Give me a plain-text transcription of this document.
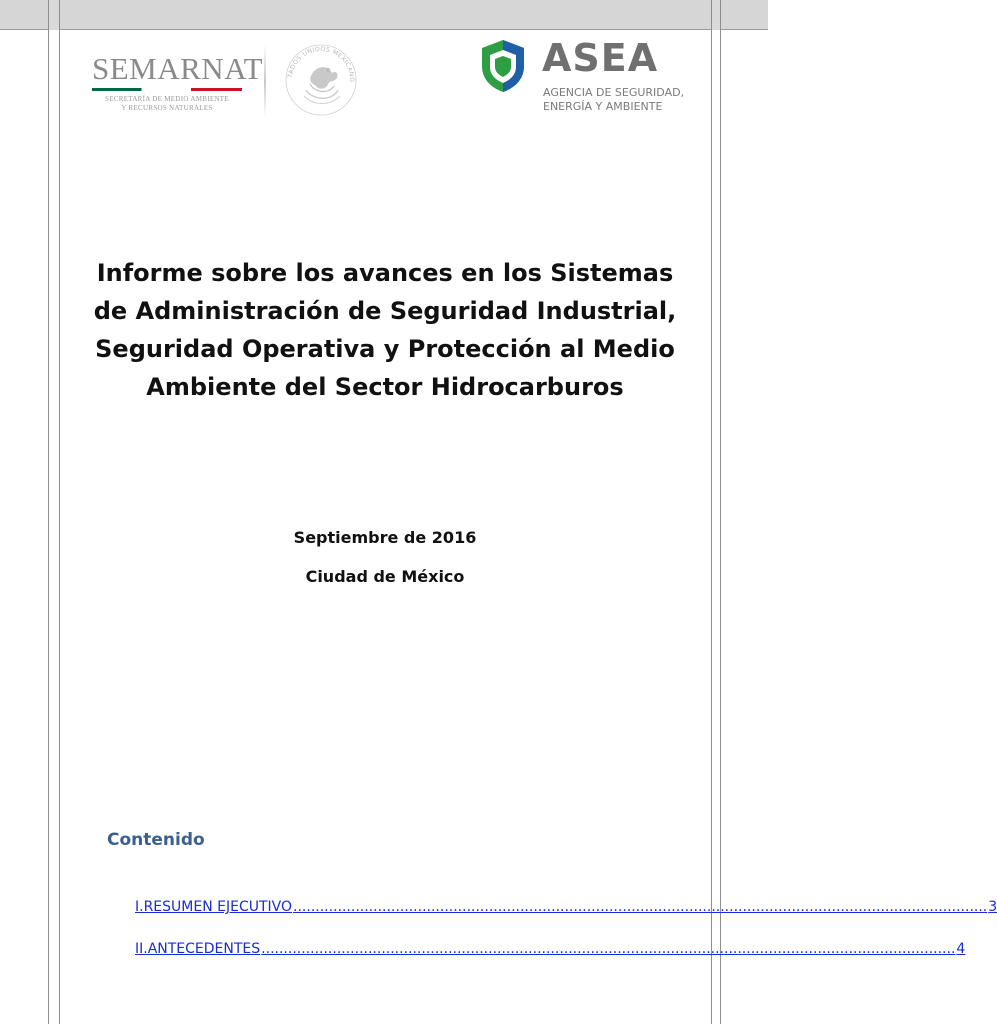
SEMARNAT
SECRETARÍA DE MEDIO AMBIENTE
Y RECURSOS NATURALES
TADOS UNIDOS MEXICANO	ASEA
AGENCIA DE SEGURIDAD,
ENERGÍA Y AMBIENTE
Informe sobre los avances en los Sistemas de Administración de Seguridad Industrial, Seguridad Operativa y Protección al Medio Ambiente del Sector Hidrocarburos
Septiembre de 2016
Ciudad de México
Contenido
I.RESUMEN EJECUTIVO ............................................................................................................................................................ 3
II.ANTECEDENTES ............................................................................................................................................................ 4
